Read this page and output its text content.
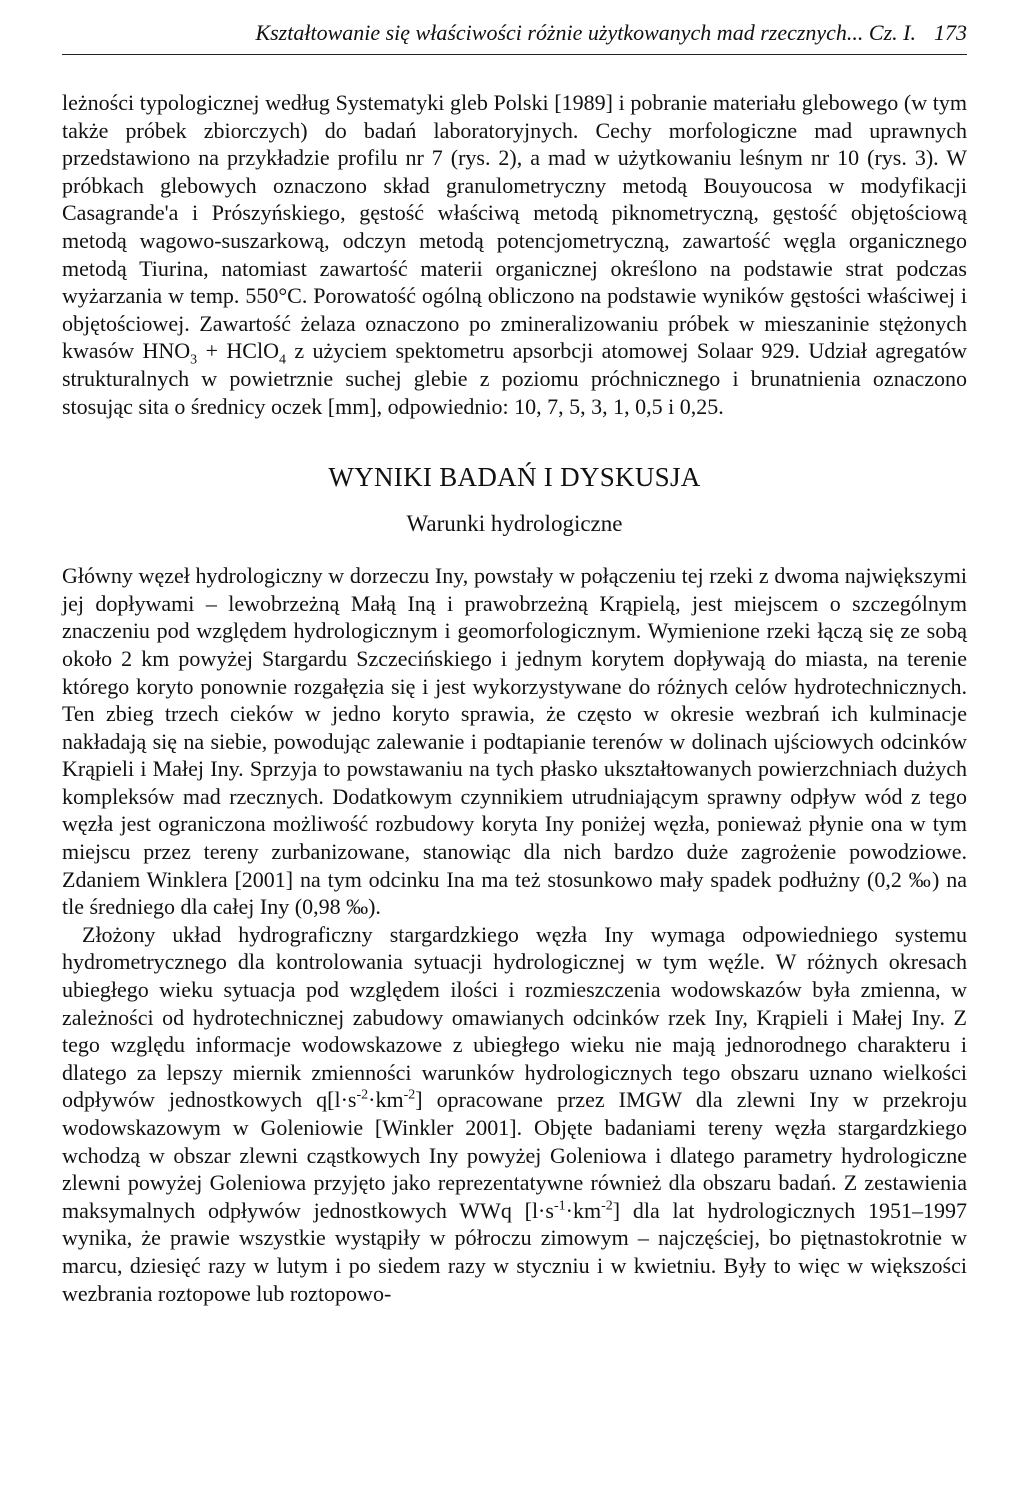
Kształtowanie się właściwości różnie użytkowanych mad rzecznych... Cz. I. 173

leżności typologicznej według Systematyki gleb Polski [1989] i pobranie materiału glebowego (w tym także próbek zbiorczych) do badań laboratoryjnych. Cechy morfologiczne mad uprawnych przedstawiono na przykładzie profilu nr 7 (rys. 2), a mad w użytkowaniu leśnym nr 10 (rys. 3). W próbkach glebowych oznaczono skład granulometryczny metodą Bouyoucosa w modyfikacji Casagrande'a i Prószyńskiego, gęstość właściwą metodą piknometryczną, gęstość objętościową metodą wagowo-suszarkową, odczyn metodą potencjometryczną, zawartość węgla organicznego metodą Tiurina, natomiast zawartość materii organicznej określono na podstawie strat podczas wyżarzania w temp. 550°C. Porowatość ogólną obliczono na podstawie wyników gęstości właściwej i objętościowej. Zawartość żelaza oznaczono po zmineralizowaniu próbek w mieszaninie stężonych kwasów $HNO_3$ + HClO$_4$ z użyciem spektometru apsorbcji atomowej Solaar 929. Udział agregatów strukturalnych w powietrznie suchej glebie z poziomu próchnicznego i brunatnienia oznaczono stosując sita o średnicy oczek [mm], odpowiednio: 10, 7, 5, 3, 1, 0,5 i 0,25.

WYNIKI BADAŃ I DYSKUSJA
Warunki hydrologiczne

Główny węzeł hydrologiczny w dorzeczu Iny, powstały w połączeniu tej rzeki z dwoma największymi jej dopływami – lewobrzeżną Małą Iną i prawobrzeżną Krąpielą, jest miejscem o szczególnym znaczeniu pod względem hydrologicznym i geomorfologicznym. Wymienione rzeki łączą się ze sobą około 2 km powyżej Stargardu Szczecińskiego i jednym korytem dopływają do miasta, na terenie którego koryto ponownie rozgałęzia się i jest wykorzystywane do różnych celów hydrotechnicznych. Ten zbieg trzech cieków w jedno koryto sprawia, że często w okresie wezbrań ich kulminacje nakładają się na siebie, powodując zalewanie i podtapianie terenów w dolinach ujściowych odcinków Krąpieli i Małej Iny. Sprzyja to powstawaniu na tych płasko ukształtowanych powierzchniach dużych kompleksów mad rzecznych. Dodatkowym czynnikiem utrudniającym sprawny odpływ wód z tego węzła jest ograniczona możliwość rozbudowy koryta Iny poniżej węzła, ponieważ płynie ona w tym miejscu przez tereny zurbanizowane, stanowiąc dla nich bardzo duże zagrożenie powodziowe. Zdaniem Winklera [2001] na tym odcinku Ina ma też stosunkowo mały spadek podłużny (0,2 ‰) na tle średniego dla całej Iny (0,98 ‰).

Złożony układ hydrograficzny stargardzkiego węzła Iny wymaga odpowiedniego systemu hydrometrycznego dla kontrolowania sytuacji hydrologicznej w tym węźle. W różnych okresach ubiegłego wieku sytuacja pod względem ilości i rozmieszczenia wodowskazów była zmienna, w zależności od hydrotechnicznej zabudowy omawianych odcinków rzek Iny, Krąpieli i Małej Iny. Z tego względu informacje wodowskazowe z ubiegłego wieku nie mają jednorodnego charakteru i dlatego za lepszy miernik zmienności warunków hydrologicznych tego obszaru uznano wielkości odpływów jednostkowych $q[l\cdot s^{-2}\cdot km^{-2}]$ opracowane przez IMGW dla zlewni Iny w przekroju wodowskazowym w Goleniowie [Winkler 2001]. Objęte badaniami tereny węzła stargardzkiego wchodzą w obszar zlewni cząstkowych Iny powyżej Goleniowa i dlatego parametry hydrologiczne zlewni powyżej Goleniowa przyjęto jako reprezentatywne również dla obszaru badań. Z zestawienia maksymalnych odpływów jednostkowych WWq $[l\cdot s^{-1}\cdot km^{-2}]$ dla lat hydrologicznych 1951–1997 wynika, że prawie wszystkie wystąpiły w półroczu zimowym – najczęściej, bo piętnastokrotnie w marcu, dziesięć razy w lutym i po siedem razy w styczniu i w kwietniu. Były to więc w większości wezbrania roztopowe lub roztopowo-
